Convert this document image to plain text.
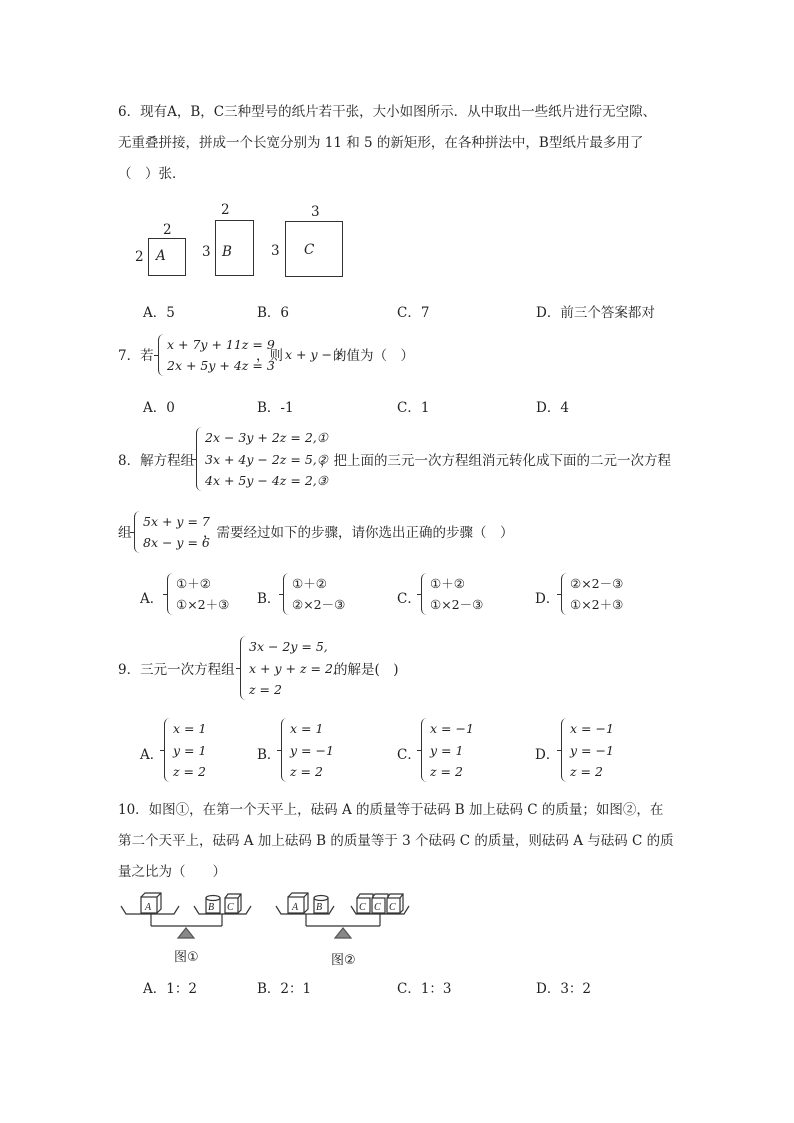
6．现有A，B，C三种型号的纸片若干张，大小如图所示．从中取出一些纸片进行无空隙、
无重叠拼接，拼成一个长宽分别为 11 和 5 的新矩形，在各种拼法中，B型纸片最多用了
（　）张．
A
2
2	B
2
3	C
3
3
A．5	B．6	C．7	D．前三个答案都对
7．若
x + 7y + 11z = 9
2x + 5y + 4z = 3
，则 x + y − z
的值为（　）
A．0	B．-1	C．1	D．4
8．解方程组
2x − 3y + 2z = 2,①
3x + 4y − 2z = 5,②
4x + 5y − 4z = 2,③
，把上面的三元一次方程组消元转化成下面的二元一次方程
组
5x + y = 7
8x − y = 6
，需要经过如下的步骤，请你选出正确的步骤（　）
A．
①＋②
①×2＋③ B．
①＋②
②×2－③	C．
①＋②
①×2－③	D．
②×2－③
①×2＋③
9．三元一次方程组
3x − 2y = 5,
x + y + z = 2,
z = 2
的解是(　)
A．
x = 1
y = 1
z = 2
B．
x = 1
y = −1
z = 2
C．
x = −1
y = 1
z = 2
D．
x = −1
y = −1
z = 2
10．如图①，在第一个天平上，砝码 A 的质量等于砝码 B 加上砝码 C 的质量；如图②，在
第二个天平上，砝码 A 加上砝码 B 的质量等于 3 个砝码 C 的质量，则砝码 A 与砝码 C 的质
量之比为（　　）
A	B C	A B	C C C
图①	图②
A．1：2	B．2：1	C．1：3	D．3：2
